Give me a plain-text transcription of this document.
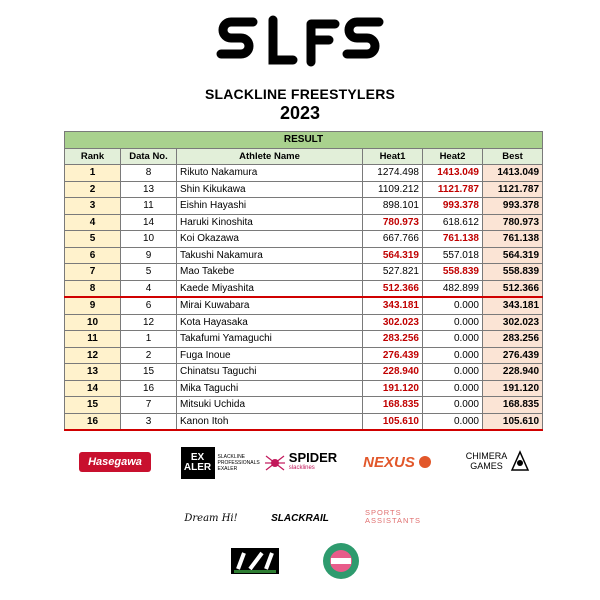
SLACKLINE FREESTYLERS
2023
RESULT					
Rank	Data No.	Athlete Name	Heat1	Heat2	Best
1	8	Rikuto Nakamura	1274.498	1413.049	1413.049
2	13	Shin Kikukawa	1109.212	1121.787	1121.787
3	11	Eishin Hayashi	898.101	993.378	993.378
4	14	Haruki Kinoshita	780.973	618.612	780.973
5	10	Koi Okazawa	667.766	761.138	761.138
6	9	Takushi Nakamura	564.319	557.018	564.319
7	5	Mao Takebe	527.821	558.839	558.839
8	4	Kaede Miyashita	512.366	482.899	512.366
9	6	Mirai Kuwabara	343.181	0.000	343.181
10	12	Kota Hayasaka	302.023	0.000	302.023
11	1	Takafumi Yamaguchi	283.256	0.000	283.256
12	2	Fuga Inoue	276.439	0.000	276.439
13	15	Chinatsu Taguchi	228.940	0.000	228.940
14	16	Mika Taguchi	191.120	0.000	191.120
15	7	Mitsuki Uchida	168.835	0.000	168.835
16	3	Kanon Itoh	105.610	0.000	105.610
Hasegawa	EX ALER
SLACKLINE PROFESSIONALS EXALER
SPIDER
slacklines	NEXUS	CHIMERA
GAMES
Dream Hi!	SLACKRAIL	SPORTS
ASSISTANTS
